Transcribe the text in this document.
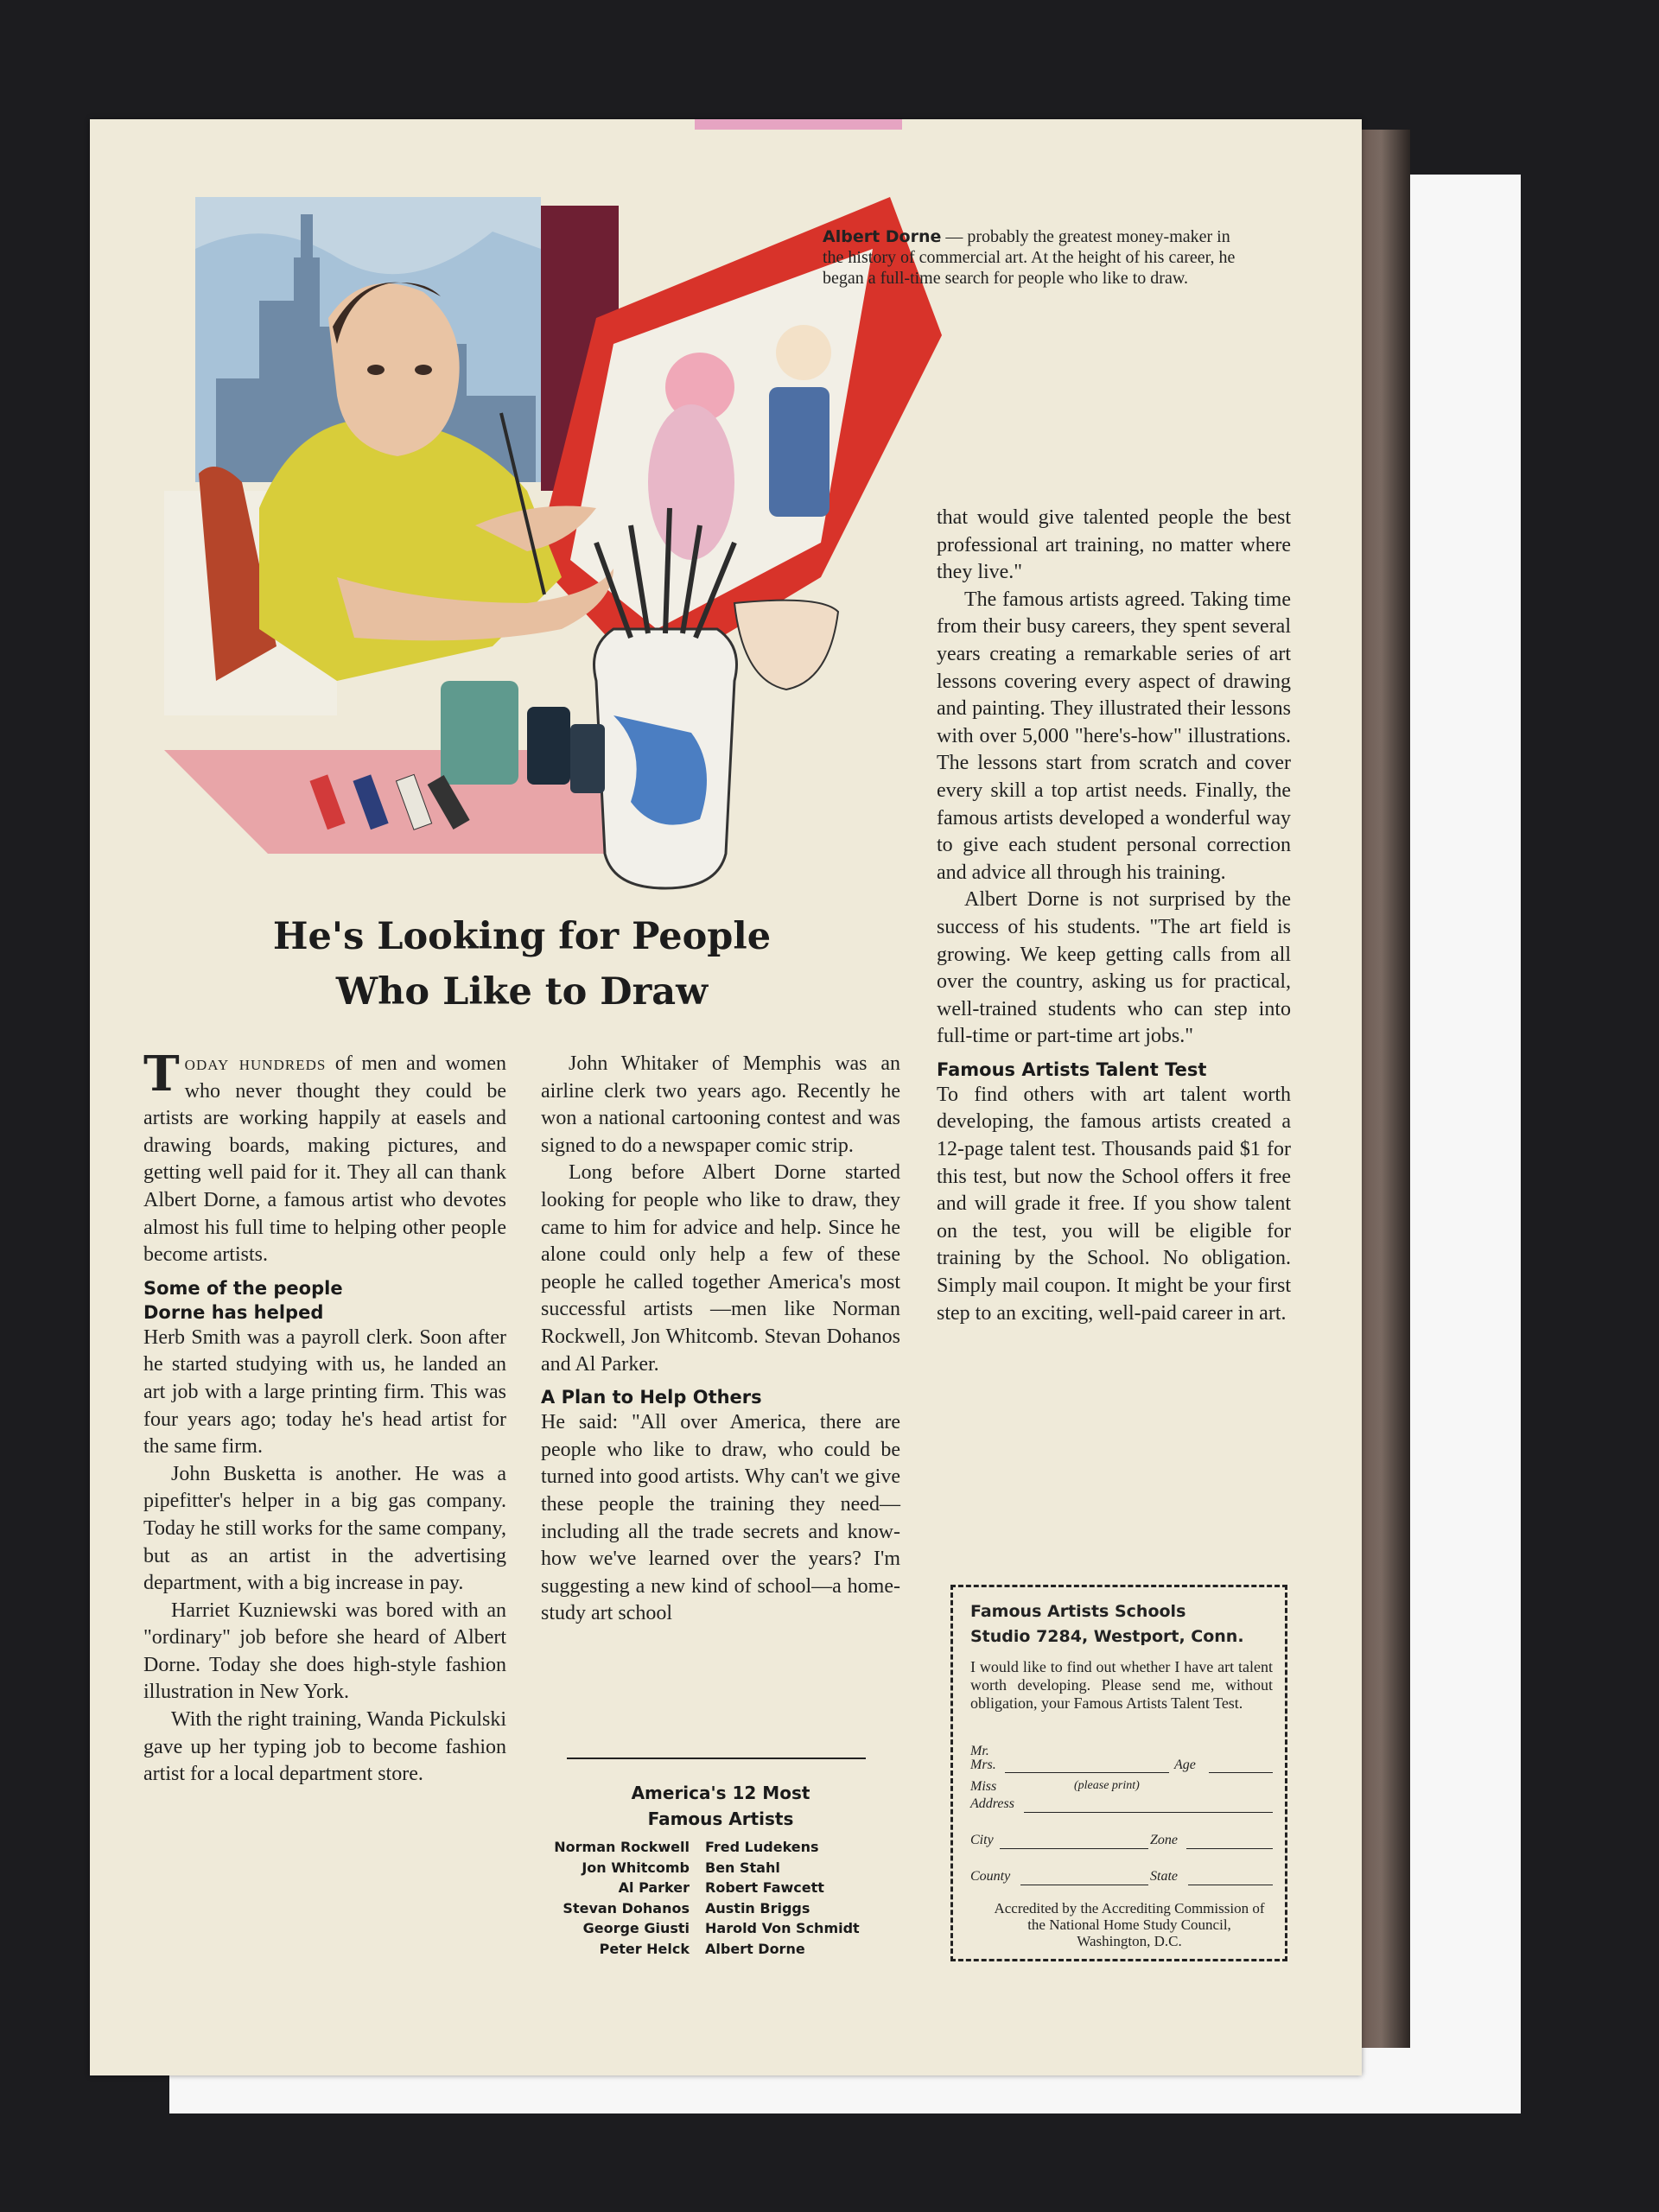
Albert Dorne — probably the greatest money-maker in the history of commercial art. At the height of his career, he began a full-time search for people who like to draw.
He's Looking for People
Who Like to Draw

Today hundreds of men and women who never thought they could be artists are working happily at easels and drawing boards, making pictures, and getting well paid for it. They all can thank Albert Dorne, a famous artist who devotes almost his full time to helping other people become artists.

Some of the people
Dorne has helped

Herb Smith was a payroll clerk. Soon after he started studying with us, he landed an art job with a large printing firm. This was four years ago; today he's head artist for the same firm.

John Busketta is another. He was a pipefitter's helper in a big gas company. Today he still works for the same company, but as an artist in the advertising department, with a big increase in pay.

Harriet Kuzniewski was bored with an "ordinary" job before she heard of Albert Dorne. Today she does high-style fashion illustration in New York.

With the right training, Wanda Pickulski gave up her typing job to become fashion artist for a local department store.

John Whitaker of Memphis was an airline clerk two years ago. Recently he won a national cartooning contest and was signed to do a newspaper comic strip.

Long before Albert Dorne started looking for people who like to draw, they came to him for advice and help. Since he alone could only help a few of these people he called together America's most successful artists —men like Norman Rockwell, Jon Whitcomb. Stevan Dohanos and Al Parker.

A Plan to Help Others

He said: "All over America, there are people who like to draw, who could be turned into good artists. Why can't we give these people the training they need—including all the trade secrets and know-how we've learned over the years? I'm suggesting a new kind of school—a home-study art school

America's 12 Most
Famous Artists
Norman Rockwell	Fred Ludekens
Jon Whitcomb	Ben Stahl
Al Parker	Robert Fawcett
Stevan Dohanos	Austin Briggs
George Giusti	Harold Von Schmidt
Peter Helck	Albert Dorne

that would give talented people the best professional art training, no matter where they live."

The famous artists agreed. Taking time from their busy careers, they spent several years creating a remarkable series of art lessons covering every aspect of drawing and painting. They illustrated their lessons with over 5,000 "here's-how" illustrations. The lessons start from scratch and cover every skill a top artist needs. Finally, the famous artists developed a wonderful way to give each student personal correction and advice all through his training.

Albert Dorne is not surprised by the success of his students. "The art field is growing. We keep getting calls from all over the country, asking us for practical, well-trained students who can step into full-time or part-time art jobs."

Famous Artists Talent Test

To find others with art talent worth developing, the famous artists created a 12-page talent test. Thousands paid $1 for this test, but now the School offers it free and will grade it free. If you show talent on the test, you will be eligible for training by the School. No obligation. Simply mail coupon. It might be your first step to an exciting, well-paid career in art.

Famous Artists Schools
Studio 7284, Westport, Conn.
I would like to find out whether I have art talent worth developing. Please send me, without obligation, your Famous Artists Talent Test.
Mr.
Mrs.	Age
Miss	(please print)
Address
City	Zone
County	State
Accredited by the Accrediting Commission of the National Home Study Council, Washington, D.C.
